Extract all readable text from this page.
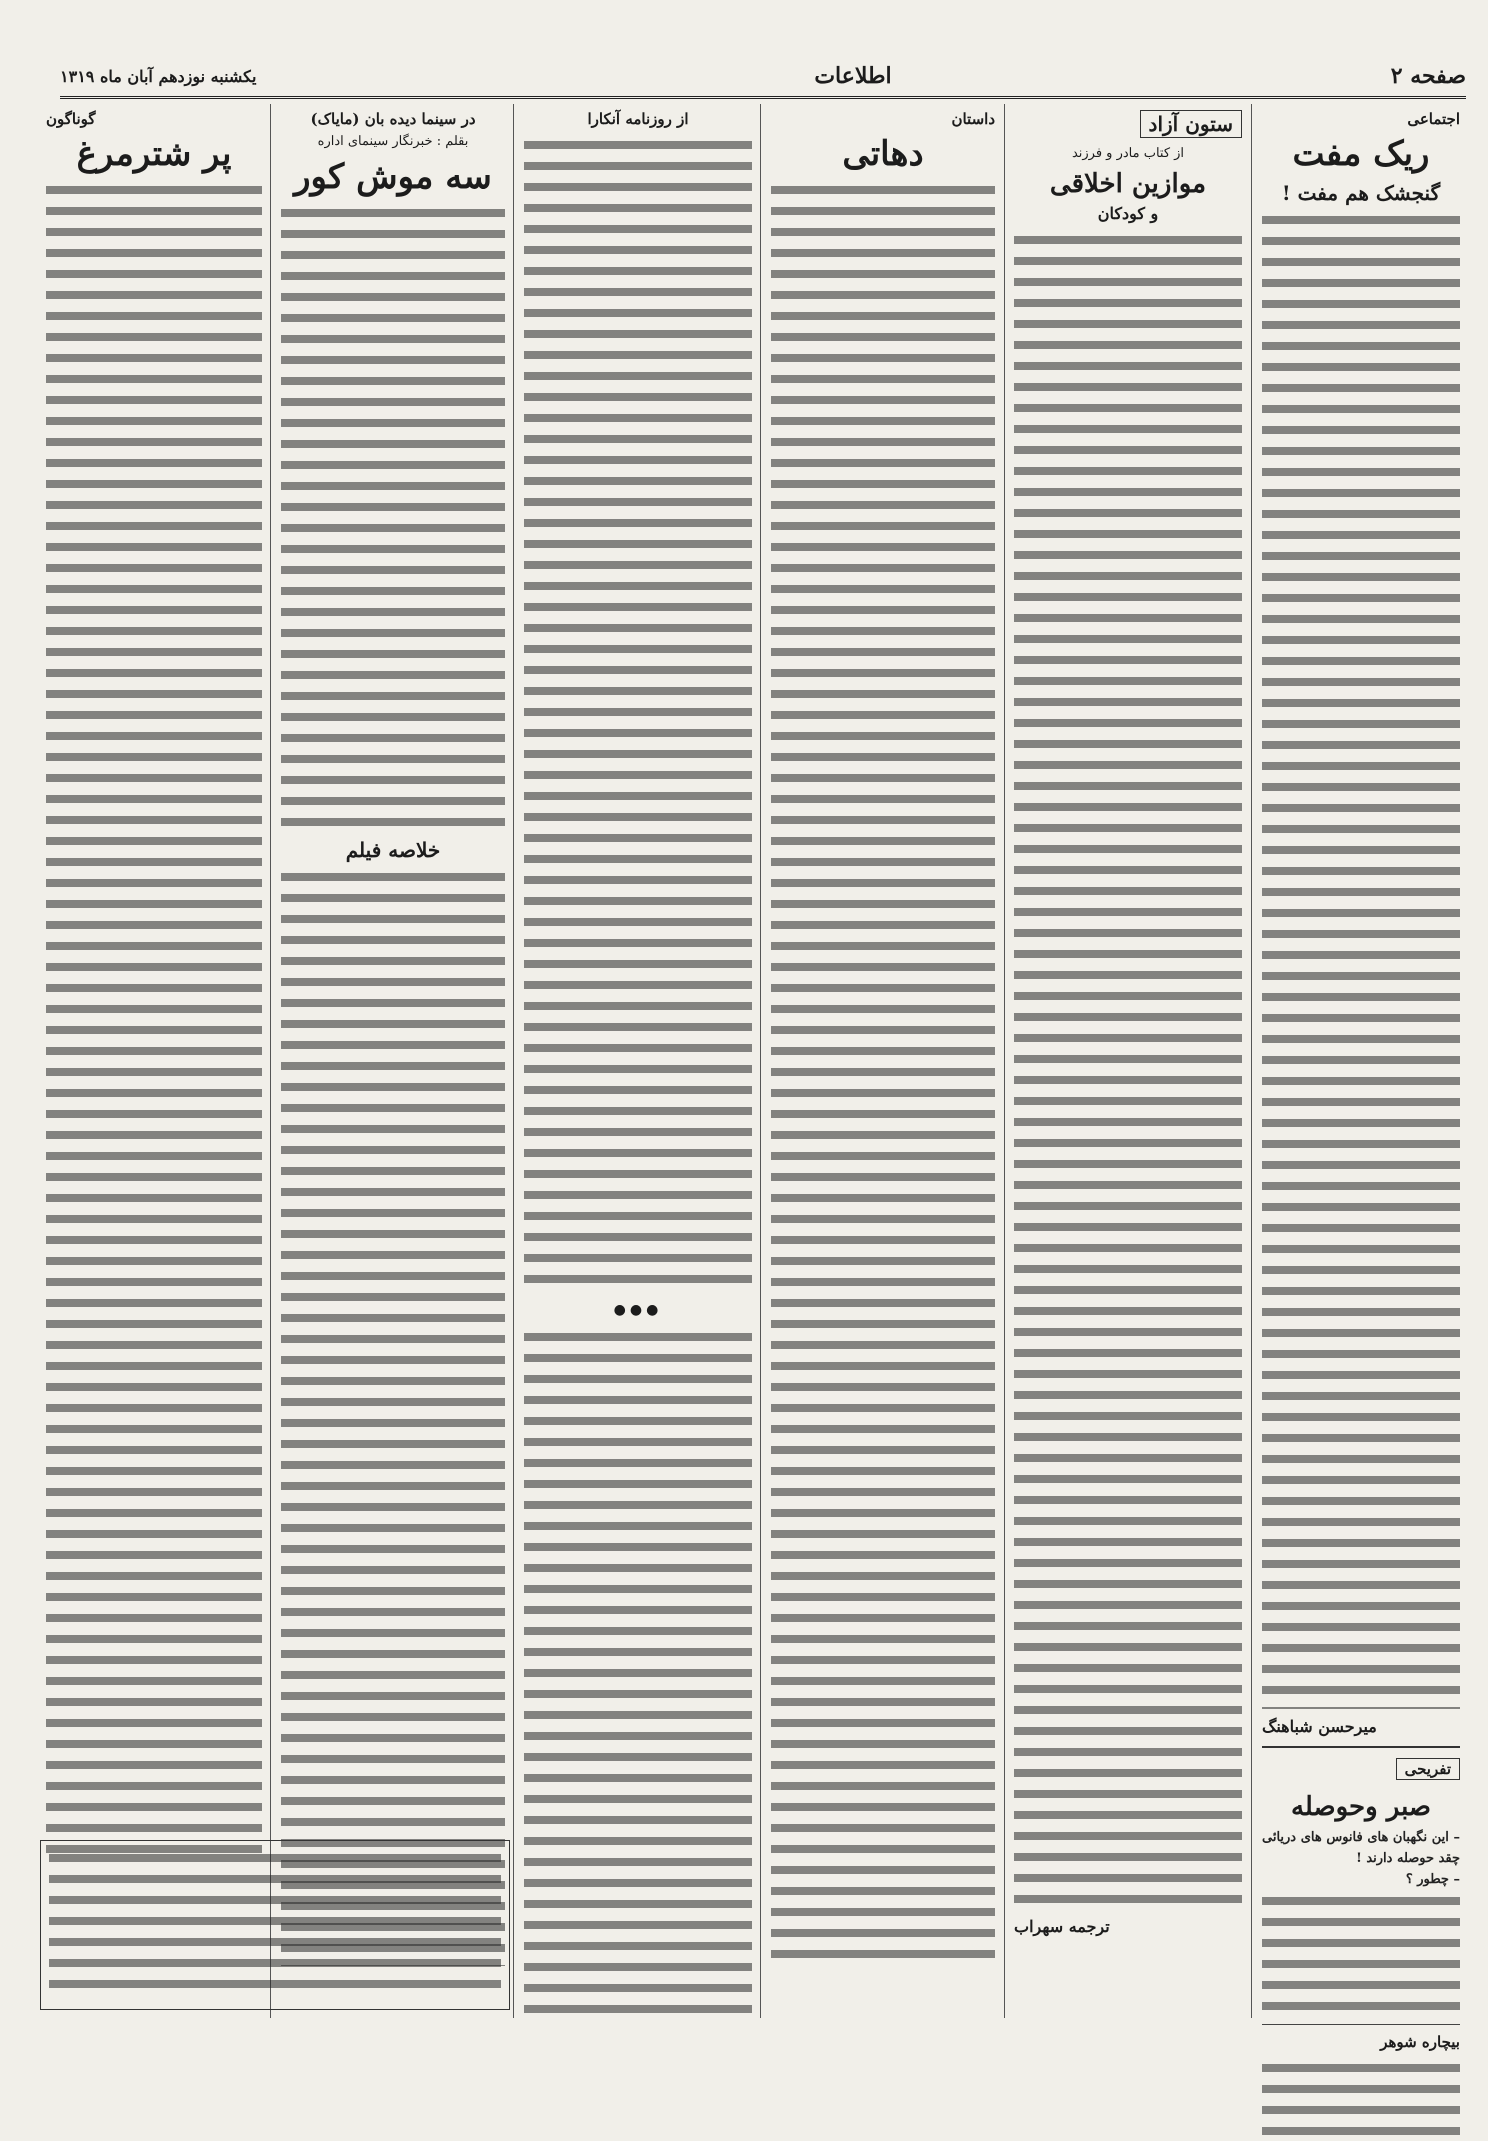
صفحه ۲
اطلاعات
یکشنبه نوزدهم آبان ماه ۱۳۱۹
اجتماعی
ریک مفت
گنجشک هم مفت !
میرحسن شباهنگ
تفریحی
صبر وحوصله
– این نگهبان های فانوس های دریائی چقد حوصله دارند !
– چطور ؟
بیچاره شوهر
ستون آزاد
از کتاب مادر و فرزند
موازین اخلاقی
و کودکان
ترجمه سهراب
داستان
دهاتی
از روزنامه آنکارا
●●●
در سینما دیده بان (مایاک)
بقلم : خبرنگار سینمای اداره
سه موش کور
خلاصه فیلم
گوناگون
پر شترمرغ
